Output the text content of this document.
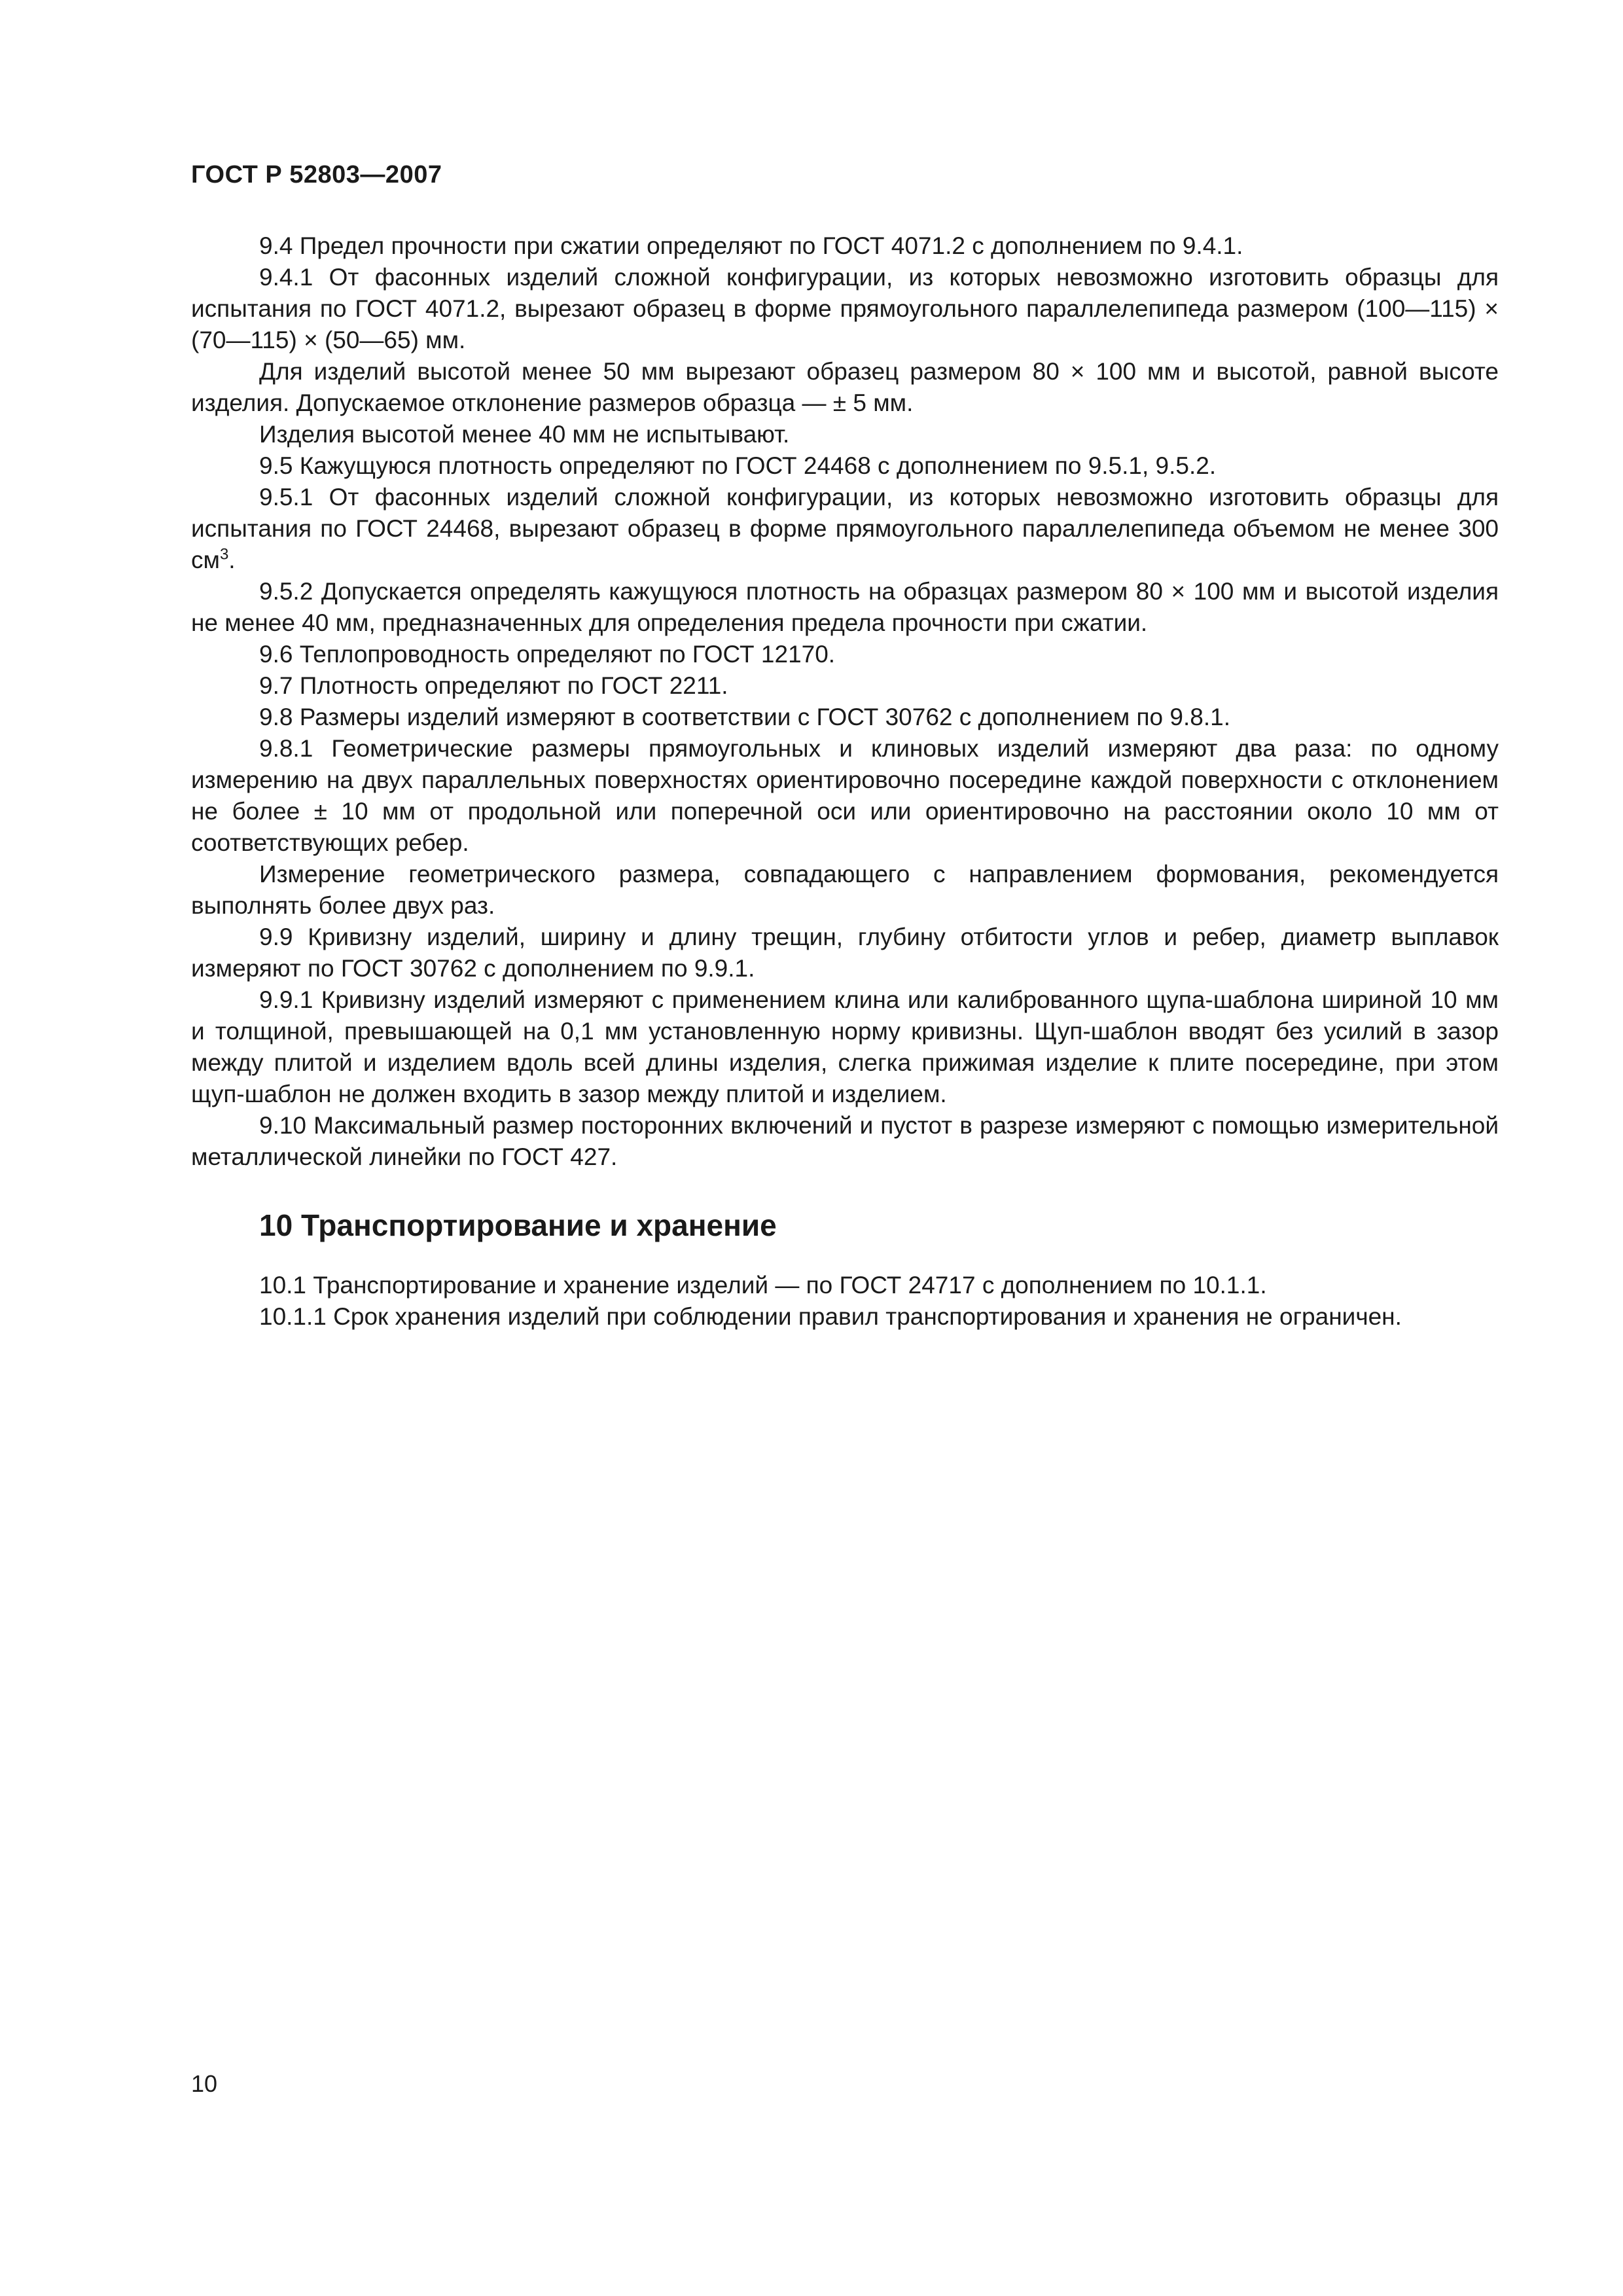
ГОСТ Р 52803—2007

9.4 Предел прочности при сжатии определяют по ГОСТ 4071.2 с дополнением по 9.4.1.

9.4.1 От фасонных изделий сложной конфигурации, из которых невозможно изготовить образцы для испытания по ГОСТ 4071.2, вырезают образец в форме прямоугольного параллелепипеда размером (100—115) × (70—115) × (50—65) мм.

Для изделий высотой менее 50 мм вырезают образец размером 80 × 100 мм и высотой, равной высоте изделия. Допускаемое отклонение размеров образца — ± 5 мм.

Изделия высотой менее 40 мм не испытывают.

9.5 Кажущуюся плотность определяют по ГОСТ 24468 с дополнением по 9.5.1, 9.5.2.

9.5.1 От фасонных изделий сложной конфигурации, из которых невозможно изготовить образцы для испытания по ГОСТ 24468, вырезают образец в форме прямоугольного параллелепипеда объемом не менее 300 $см^3$.

9.5.2 Допускается определять кажущуюся плотность на образцах размером 80 × 100 мм и высотой изделия не менее 40 мм, предназначенных для определения предела прочности при сжатии.

9.6 Теплопроводность определяют по ГОСТ 12170.

9.7 Плотность определяют по ГОСТ 2211.

9.8 Размеры изделий измеряют в соответствии с ГОСТ 30762 с дополнением по 9.8.1.

9.8.1 Геометрические размеры прямоугольных и клиновых изделий измеряют два раза: по одному измерению на двух параллельных поверхностях ориентировочно посередине каждой поверхности с отклонением не более ± 10 мм от продольной или поперечной оси или ориентировочно на расстоянии около 10 мм от соответствующих ребер.

Измерение геометрического размера, совпадающего с направлением формования, рекомендуется выполнять более двух раз.

9.9 Кривизну изделий, ширину и длину трещин, глубину отбитости углов и ребер, диаметр выплавок измеряют по ГОСТ 30762 с дополнением по 9.9.1.

9.9.1 Кривизну изделий измеряют с применением клина или калиброванного щупа-шаблона шириной 10 мм и толщиной, превышающей на 0,1 мм установленную норму кривизны. Щуп-шаблон вводят без усилий в зазор между плитой и изделием вдоль всей длины изделия, слегка прижимая изделие к плите посередине, при этом щуп-шаблон не должен входить в зазор между плитой и изделием.

9.10 Максимальный размер посторонних включений и пустот в разрезе измеряют с помощью измерительной металлической линейки по ГОСТ 427.

10 Транспортирование и хранение

10.1 Транспортирование и хранение изделий — по ГОСТ 24717 с дополнением по 10.1.1.

10.1.1 Срок хранения изделий при соблюдении правил транспортирования и хранения не ограничен.

10
